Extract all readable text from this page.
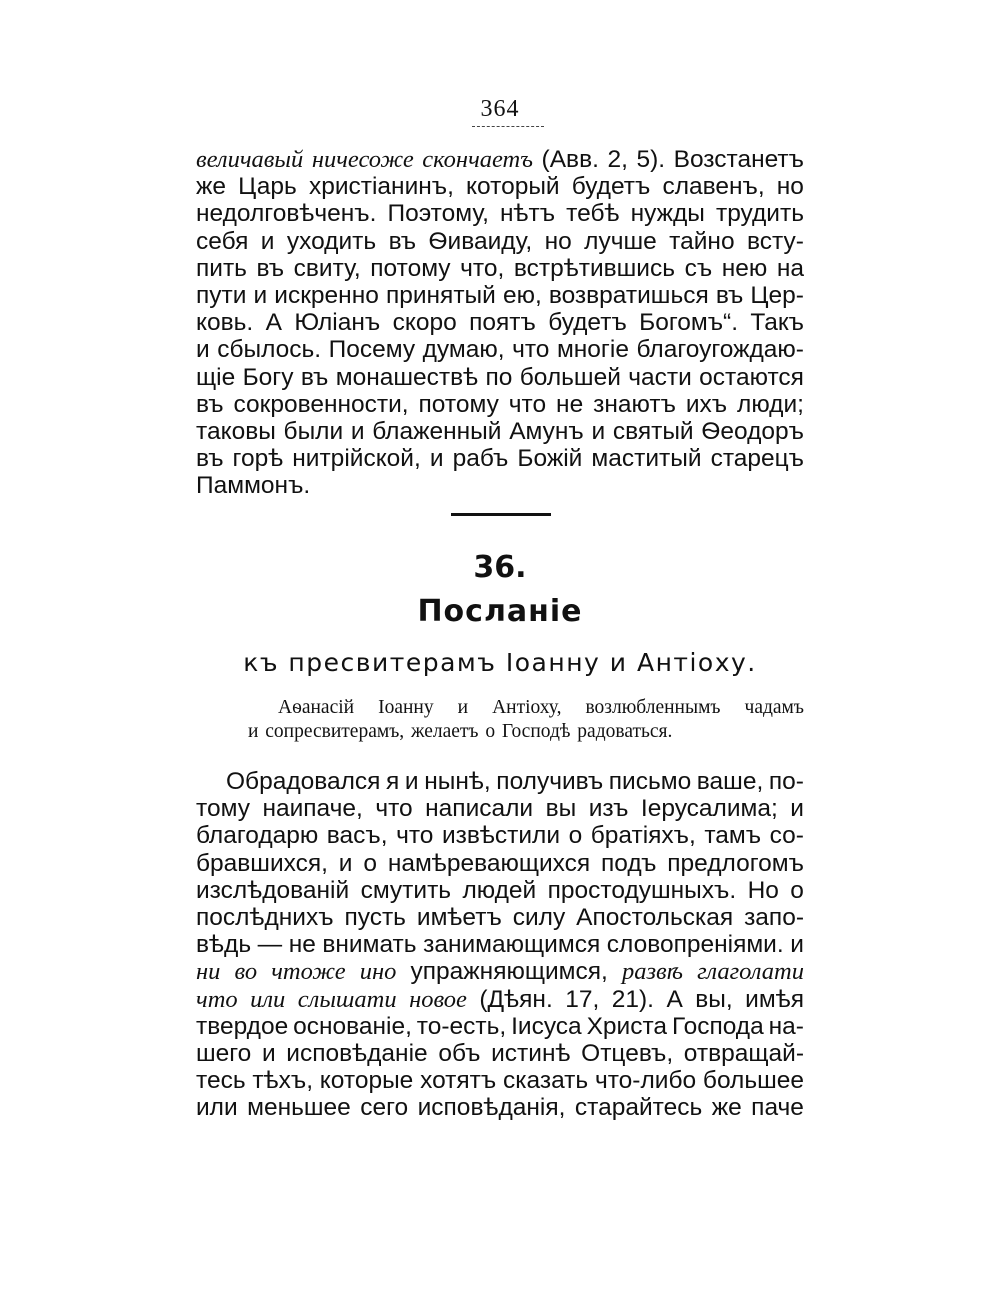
364
величавый ничесоже скончаетъ (Авв. 2, 5). Возстанетъ
же Царь христіанинъ, который будетъ славенъ, но
недолговѣченъ. Поэтому, нѣтъ тебѣ нужды трудить
себя и уходить въ Ѳиваиду, но лучше тайно всту-
пить въ свиту, потому что, встрѣтившись съ нею на
пути и искренно принятый ею, возвратишься въ Цер-
ковь. А Юліанъ скоро поятъ будетъ Богомъ“. Такъ
и сбылось. Посему думаю, что многіе благоугождаю-
щіе Богу въ монашествѣ по большей части остаются
въ сокровенности, потому что не знаютъ ихъ люди;
таковы были и блаженный Амунъ и святый Ѳеодоръ
въ горѣ нитрійской, и рабъ Божій маститый старецъ
Паммонъ.
36.
Посланіе
къ пресвитерамъ Іоанну и Антіоху.
Аѳанасій Іоанну и Антіоху, возлюбленнымъ чадамъ
и сопресвитерамъ, желаетъ о Господѣ радоваться.
Обрадовался я и нынѣ, получивъ письмо ваше, по-
тому наипаче, что написали вы изъ Іерусалима; и
благодарю васъ, что извѣстили о братіяхъ, тамъ со-
бравшихся, и о намѣревающихся подъ предлогомъ
изслѣдованій смутить людей простодушныхъ. Но о
послѣднихъ пусть имѣетъ силу Апостольская запо-
вѣдь — не внимать занимающимся словопреніями. и
ни во чтоже ино упражняющимся, развѣ глаголати
что или слышати новое (Дѣян. 17, 21). А вы, имѣя
твердое основаніе, то-есть, Іисуса Христа Господа на-
шего и исповѣданіе объ истинѣ Отцевъ, отвращай-
тесь тѣхъ, которые хотятъ сказать что-либо большее
или меньшее сего исповѣданія, старайтесь же паче
